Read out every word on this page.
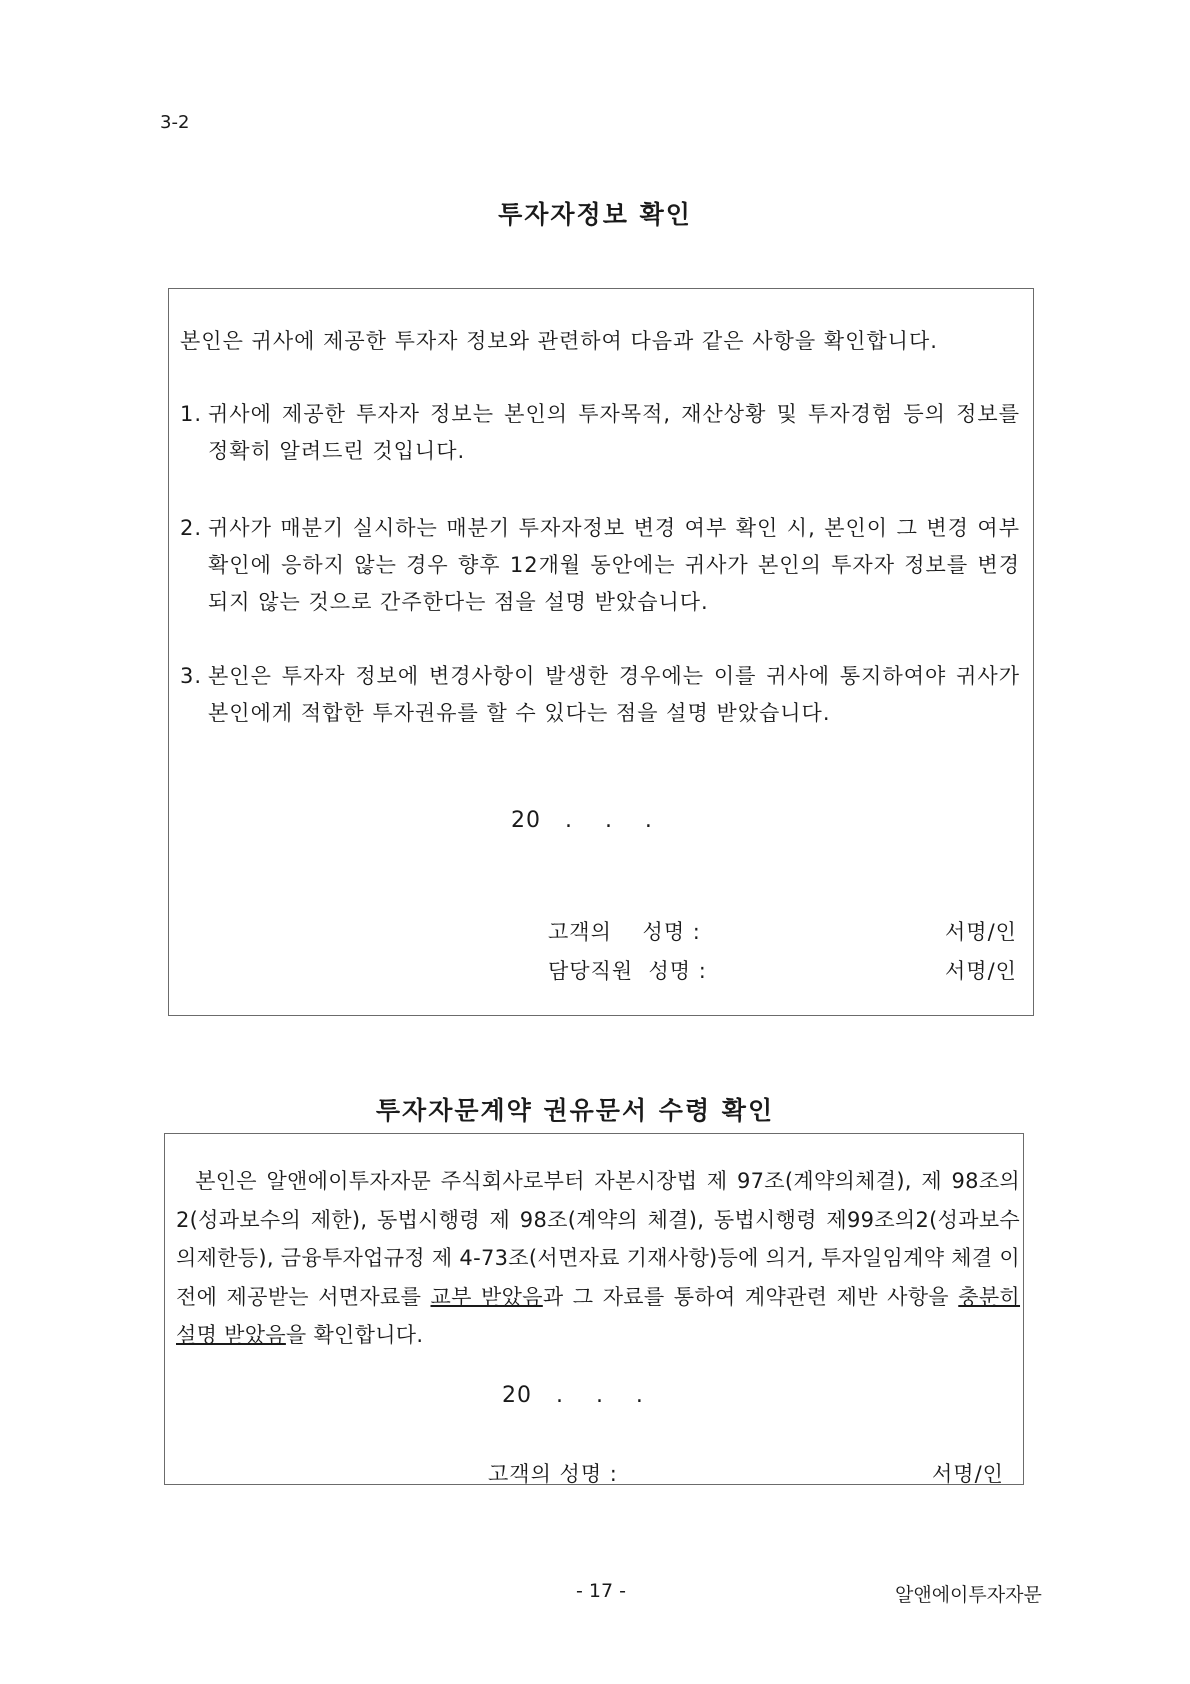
3-2
투자자정보 확인
본인은 귀사에 제공한 투자자 정보와 관련하여 다음과 같은 사항을 확인합니다.
1. 귀사에 제공한 투자자 정보는 본인의 투자목적, 재산상황 및 투자경험 등의 정보를 정확히 알려드린 것입니다.
2. 귀사가 매분기 실시하는 매분기 투자자정보 변경 여부 확인 시, 본인이 그 변경 여부 확인에 응하지 않는 경우 향후 12개월 동안에는 귀사가 본인의 투자자 정보를 변경되지 않는 것으로 간주한다는 점을 설명 받았습니다.
3. 본인은 투자자 정보에 변경사항이 발생한 경우에는 이를 귀사에 통지하여야 귀사가 본인에게 적합한 투자권유를 할 수 있다는 점을 설명 받았습니다.
20   .    .    .
고객의    성명 :	서명/인
담당직원  성명 :	서명/인
투자자문계약 권유문서 수령 확인
본인은 알앤에이투자자문 주식회사로부터 자본시장법 제 97조(계약의체결), 제 98조의2(성과보수의 제한), 동법시행령 제 98조(계약의 체결), 동법시행령 제99조의2(성과보수의제한등), 금융투자업규정 제 4-73조(서면자료 기재사항)등에 의거, 투자일임계약 체결 이전에 제공받는 서면자료를 교부 받았음과 그 자료를 통하여 계약관련 제반 사항을 충분히 설명 받았음을 확인합니다.
20   .    .    .
고객의 성명 :	서명/인
- 17 -	알앤에이투자자문
